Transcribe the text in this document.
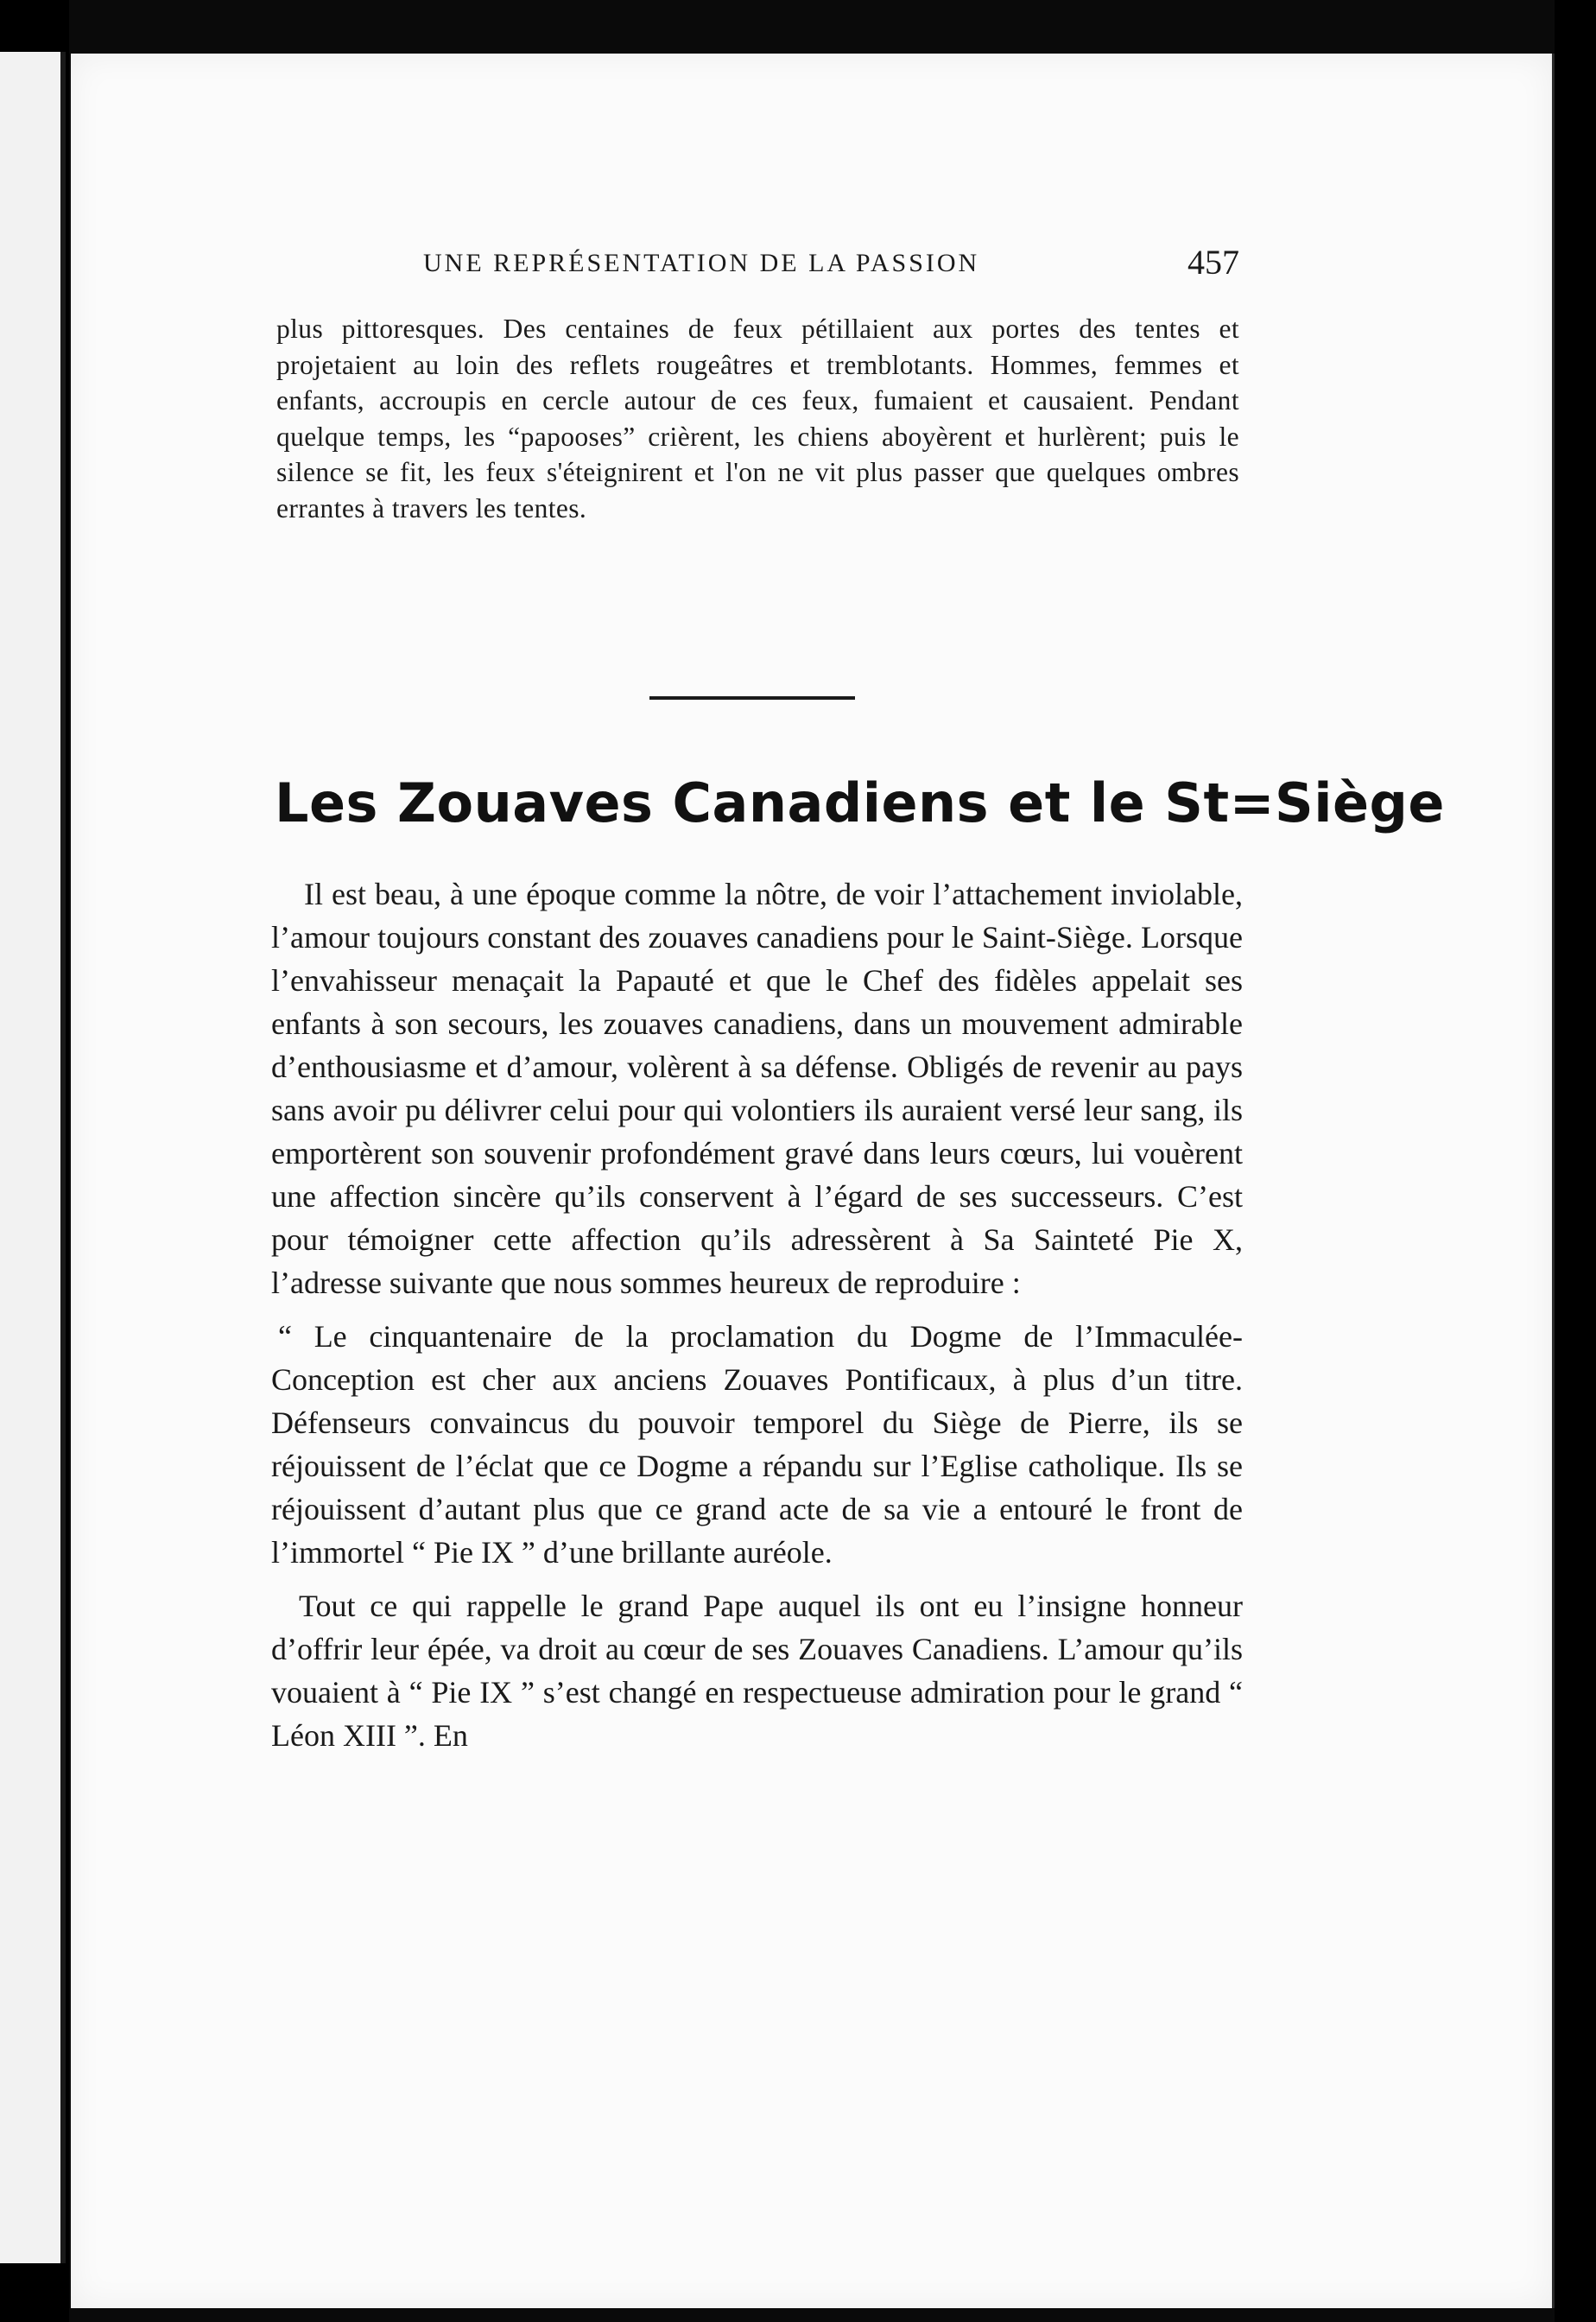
UNE REPRÉSENTATION DE LA PASSION	457
plus pittoresques. Des centaines de feux pétillaient aux portes des tentes et projetaient au loin des reflets rougeâtres et tremblotants. Hommes, femmes et enfants, accroupis en cercle autour de ces feux, fumaient et causaient. Pendant quelque temps, les “papooses” crièrent, les chiens aboyèrent et hurlèrent; puis le silence se fit, les feux s'éteignirent et l'on ne vit plus passer que quelques ombres errantes à travers les tentes.
Les Zouaves Canadiens et le St=Siège

Il est beau, à une époque comme la nôtre, de voir l’attachement inviolable, l’amour toujours constant des zouaves canadiens pour le Saint-Siège. Lorsque l’envahisseur menaçait la Papauté et que le Chef des fidèles appelait ses enfants à son secours, les zouaves canadiens, dans un mouvement admirable d’enthousiasme et d’amour, volèrent à sa défense. Obligés de revenir au pays sans avoir pu délivrer celui pour qui volontiers ils auraient versé leur sang, ils emportèrent son souvenir profondément gravé dans leurs cœurs, lui vouèrent une affection sincère qu’ils conservent à l’égard de ses successeurs. C’est pour témoigner cette affection qu’ils adressèrent à Sa Sainteté Pie X, l’adresse suivante que nous sommes heureux de reproduire :

“ Le cinquantenaire de la proclamation du Dogme de l’Immaculée-Conception est cher aux anciens Zouaves Pontificaux, à plus d’un titre. Défenseurs convaincus du pouvoir temporel du Siège de Pierre, ils se réjouissent de l’éclat que ce Dogme a répandu sur l’Eglise catholique. Ils se réjouissent d’autant plus que ce grand acte de sa vie a entouré le front de l’immortel “ Pie IX ” d’une brillante auréole.

Tout ce qui rappelle le grand Pape auquel ils ont eu l’insigne honneur d’offrir leur épée, va droit au cœur de ses Zouaves Canadiens. L’amour qu’ils vouaient à “ Pie IX ” s’est changé en respectueuse admiration pour le grand “ Léon XIII ”. En
